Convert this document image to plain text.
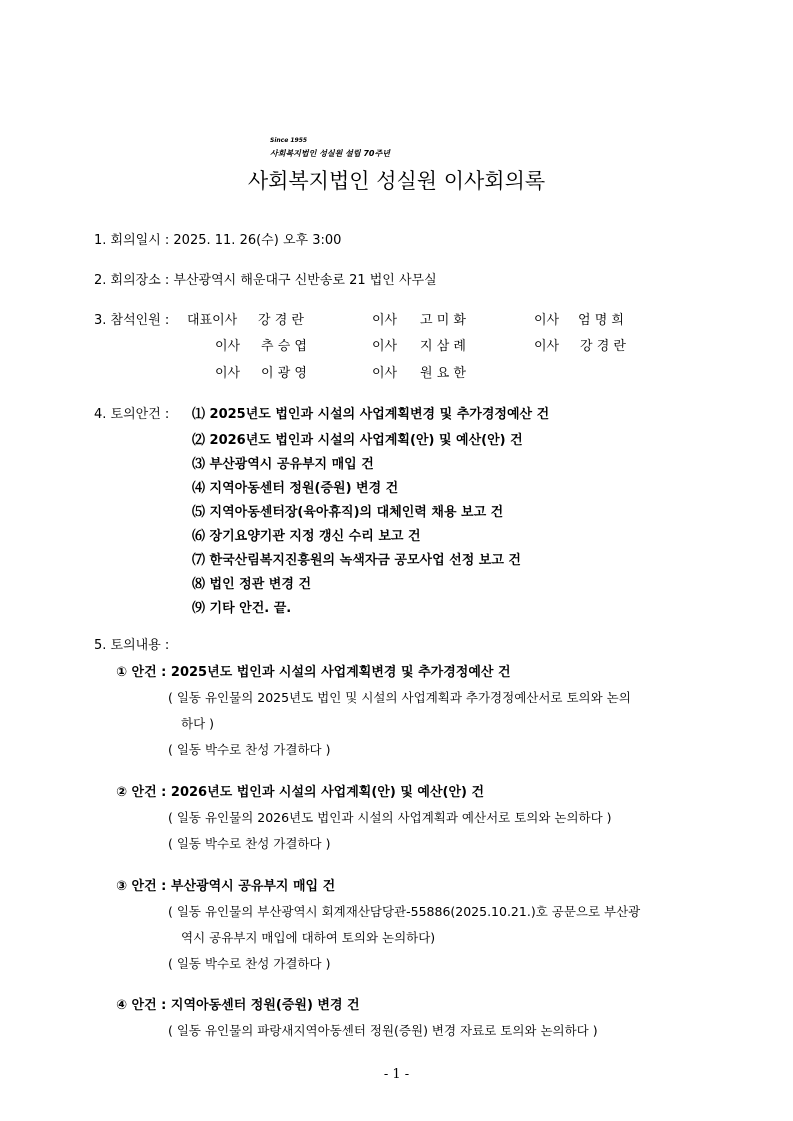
Since 1955
사회복지법인 성실원 설립 70주년
사회복지법인 성실원 이사회의록
1. 회의일시 : 2025. 11. 26(수) 오후 3:00
2. 회의장소 : 부산광역시 해운대구 신반송로 21 법인 사무실
3. 참석인원 : 대표이사 강 경 란	이사 고 미 화	이사 엄 명 희
이사 추 승 엽	이사 지 삼 례	이사 강 경 란
이사 이 광 영	이사 원 요 한
4. 토의안건 : ⑴ 2025년도 법인과 시설의 사업계획변경 및 추가경정예산 건
⑵ 2026년도 법인과 시설의 사업계획(안) 및 예산(안) 건
⑶ 부산광역시 공유부지 매입 건
⑷ 지역아동센터 정원(증원) 변경 건
⑸ 지역아동센터장(육아휴직)의 대체인력 채용 보고 건
⑹ 장기요양기관 지정 갱신 수리 보고 건
⑺ 한국산림복지진흥원의 녹색자금 공모사업 선정 보고 건
⑻ 법인 정관 변경 건
⑼ 기타 안건. 끝.
5. 토의내용 :
① 안건 : 2025년도 법인과 시설의 사업계획변경 및 추가경정예산 건
( 일동 유인물의 2025년도 법인 및 시설의 사업계획과 추가경정예산서로 토의와 논의
하다 )
( 일동 박수로 찬성 가결하다 )
② 안건 : 2026년도 법인과 시설의 사업계획(안) 및 예산(안) 건
( 일동 유인물의 2026년도 법인과 시설의 사업계획과 예산서로 토의와 논의하다 )
( 일동 박수로 찬성 가결하다 )
③ 안건 : 부산광역시 공유부지 매입 건
( 일동 유인물의 부산광역시 회계재산담당관-55886(2025.10.21.)호 공문으로 부산광
역시 공유부지 매입에 대하여 토의와 논의하다)
( 일동 박수로 찬성 가결하다 )
④ 안건 : 지역아동센터 정원(증원) 변경 건
( 일동 유인물의 파랑새지역아동센터 정원(증원) 변경 자료로 토의와 논의하다 )
- 1 -
